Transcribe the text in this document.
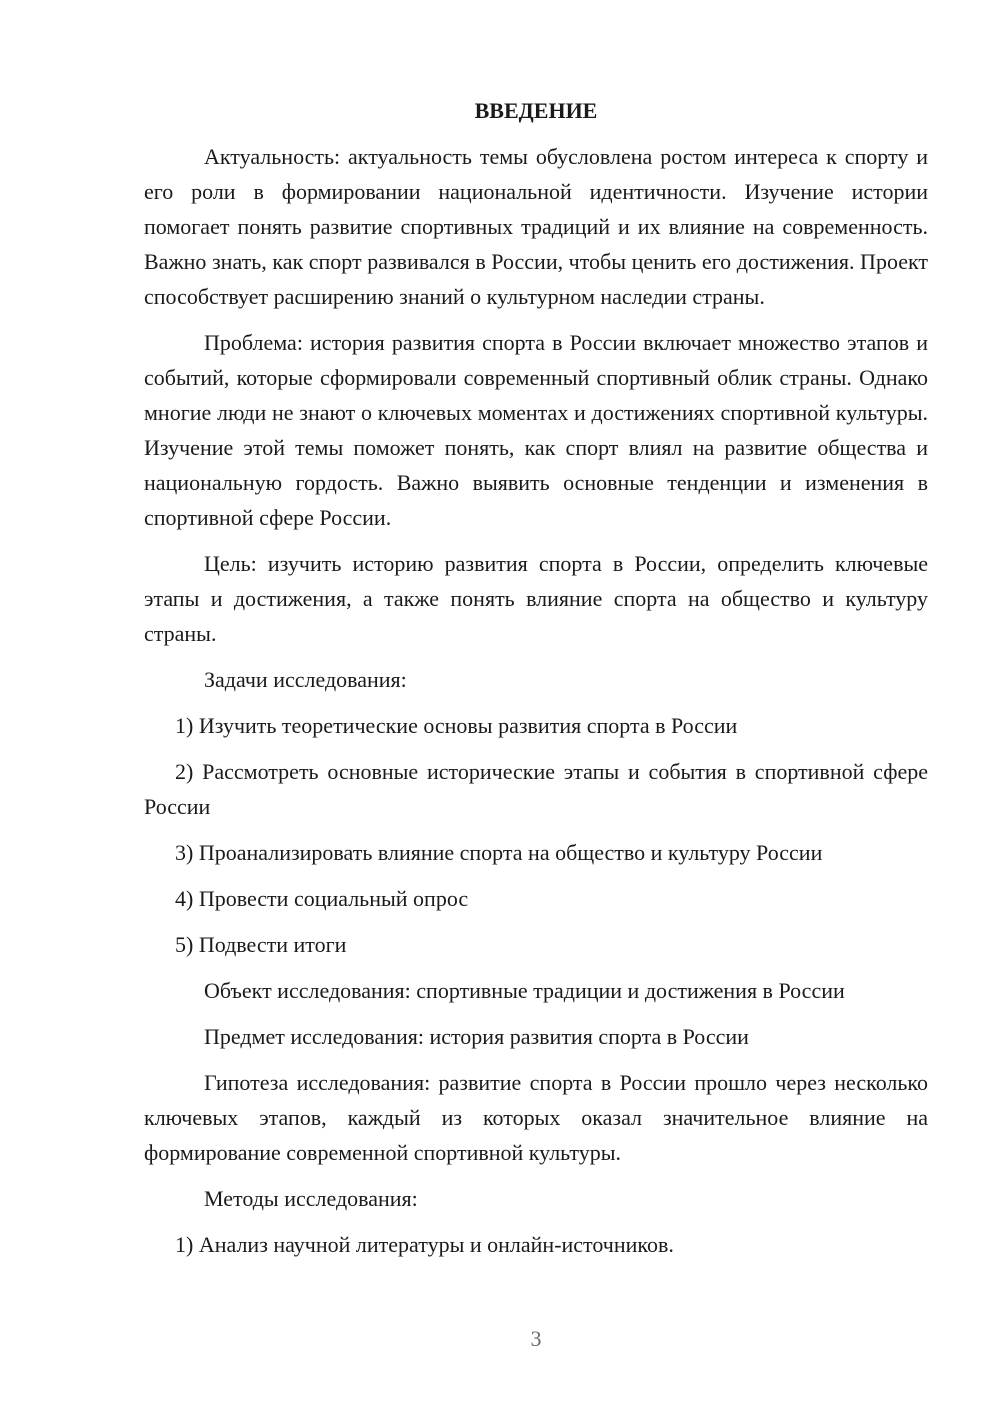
ВВЕДЕНИЕ

Актуальность: актуальность темы обусловлена ростом интереса к спорту и его роли в формировании национальной идентичности. Изучение истории помогает понять развитие спортивных традиций и их влияние на современность. Важно знать, как спорт развивался в России, чтобы ценить его достижения. Проект способствует расширению знаний о культурном наследии страны.

Проблема: история развития спорта в России включает множество этапов и событий, которые сформировали современный спортивный облик страны. Однако многие люди не знают о ключевых моментах и достижениях спортивной культуры. Изучение этой темы поможет понять, как спорт влиял на развитие общества и национальную гордость. Важно выявить основные тенденции и изменения в спортивной сфере России.

Цель: изучить историю развития спорта в России, определить ключевые этапы и достижения, а также понять влияние спорта на общество и культуру страны.

Задачи исследования:

1) Изучить теоретические основы развития спорта в России

2) Рассмотреть основные исторические этапы и события в спортивной сфере России

3) Проанализировать влияние спорта на общество и культуру России

4) Провести социальный опрос

5) Подвести итоги

Объект исследования: спортивные традиции и достижения в России

Предмет исследования: история развития спорта в России

Гипотеза исследования: развитие спорта в России прошло через несколько ключевых этапов, каждый из которых оказал значительное влияние на формирование современной спортивной культуры.

Методы исследования:

1) Анализ научной литературы и онлайн-источников.

3
